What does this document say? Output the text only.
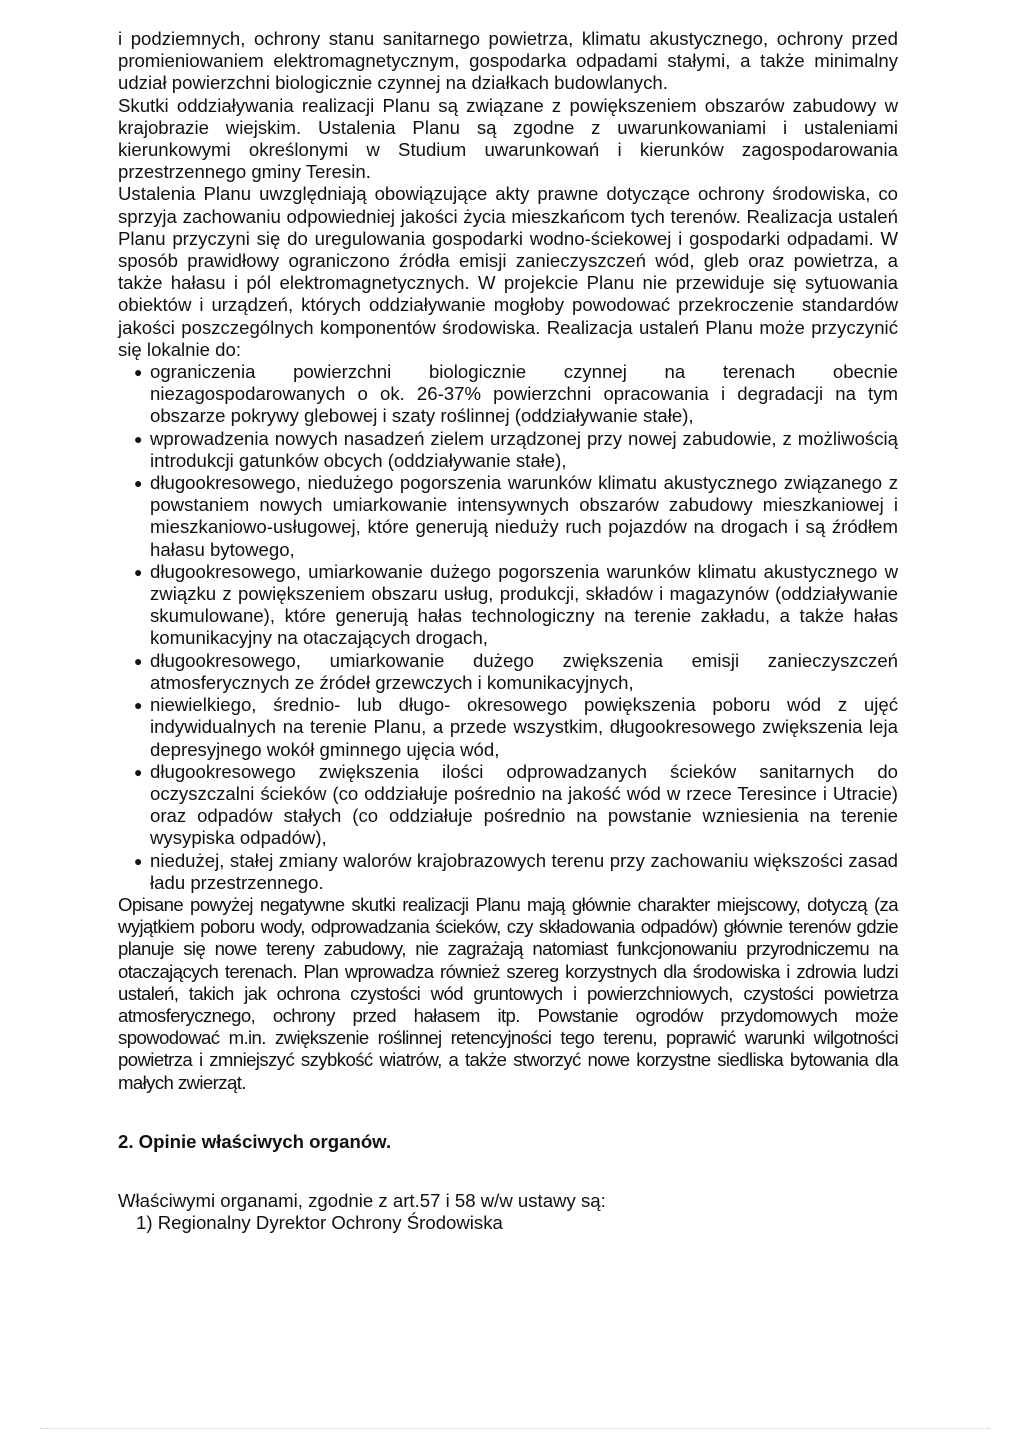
i podziemnych, ochrony stanu sanitarnego powietrza, klimatu akustycznego, ochrony przed promieniowaniem elektromagnetycznym, gospodarka odpadami stałymi, a także minimalny udział powierzchni biologicznie czynnej na działkach budowlanych.

Skutki oddziaływania realizacji Planu są związane z powiększeniem obszarów zabudowy w krajobrazie wiejskim. Ustalenia Planu są zgodne z uwarunkowaniami i ustaleniami kierunkowymi określonymi w Studium uwarunkowań i kierunków zagospodarowania przestrzennego gminy Teresin.

Ustalenia Planu uwzględniają obowiązujące akty prawne dotyczące ochrony środowiska, co sprzyja zachowaniu odpowiedniej jakości życia mieszkańcom tych terenów. Realizacja ustaleń Planu przyczyni się do uregulowania gospodarki wodno-ściekowej i gospodarki odpadami. W sposób prawidłowy ograniczono źródła emisji zanieczyszczeń wód, gleb oraz powietrza, a także hałasu i pól elektromagnetycznych. W projekcie Planu nie przewiduje się sytuowania obiektów i urządzeń, których oddziaływanie mogłoby powodować przekroczenie standardów jakości poszczególnych komponentów środowiska. Realizacja ustaleń Planu może przyczynić się lokalnie do:

● ograniczenia powierzchni biologicznie czynnej na terenach obecnie niezagospodarowanych o ok. 26-37% powierzchni opracowania i degradacji na tym obszarze pokrywy glebowej i szaty roślinnej (oddziaływanie stałe),
● wprowadzenia nowych nasadzeń zielem urządzonej przy nowej zabudowie, z możliwością introdukcji gatunków obcych (oddziaływanie stałe),
● długookresowego, niedużego pogorszenia warunków klimatu akustycznego związanego z powstaniem nowych umiarkowanie intensywnych obszarów zabudowy mieszkaniowej i mieszkaniowo-usługowej, które generują nieduży ruch pojazdów na drogach i są źródłem hałasu bytowego,
● długookresowego, umiarkowanie dużego pogorszenia warunków klimatu akustycznego w związku z powiększeniem obszaru usług, produkcji, składów i magazynów (oddziaływanie skumulowane), które generują hałas technologiczny na terenie zakładu, a także hałas komunikacyjny na otaczających drogach,
● długookresowego, umiarkowanie dużego zwiększenia emisji zanieczyszczeń atmosferycznych ze źródeł grzewczych i komunikacyjnych,
● niewielkiego, średnio- lub długo- okresowego powiększenia poboru wód z ujęć indywidualnych na terenie Planu, a przede wszystkim, długookresowego zwiększenia leja depresyjnego wokół gminnego ujęcia wód,
● długookresowego zwiększenia ilości odprowadzanych ścieków sanitarnych do oczyszczalni ścieków (co oddziałuje pośrednio na jakość wód w rzece Teresince i Utracie) oraz odpadów stałych (co oddziałuje pośrednio na powstanie wzniesienia na terenie wysypiska odpadów),
● niedużej, stałej zmiany walorów krajobrazowych terenu przy zachowaniu większości zasad ładu przestrzennego.

Opisane powyżej negatywne skutki realizacji Planu mają głównie charakter miejscowy, dotyczą (za wyjątkiem poboru wody, odprowadzania ścieków, czy składowania odpadów) głównie terenów gdzie planuje się nowe tereny zabudowy, nie zagrażają natomiast funkcjonowaniu przyrodniczemu na otaczających terenach. Plan wprowadza również szereg korzystnych dla środowiska i zdrowia ludzi ustaleń, takich jak ochrona czystości wód gruntowych i powierzchniowych, czystości powietrza atmosferycznego, ochrony przed hałasem itp. Powstanie ogrodów przydomowych może spowodować m.in. zwiększenie roślinnej retencyjności tego terenu, poprawić warunki wilgotności powietrza i zmniejszyć szybkość wiatrów, a także stworzyć nowe korzystne siedliska bytowania dla małych zwierząt.

2. Opinie właściwych organów.

Właściwymi organami, zgodnie z art.57 i 58 w/w ustawy są:

1) Regionalny Dyrektor Ochrony Środowiska
